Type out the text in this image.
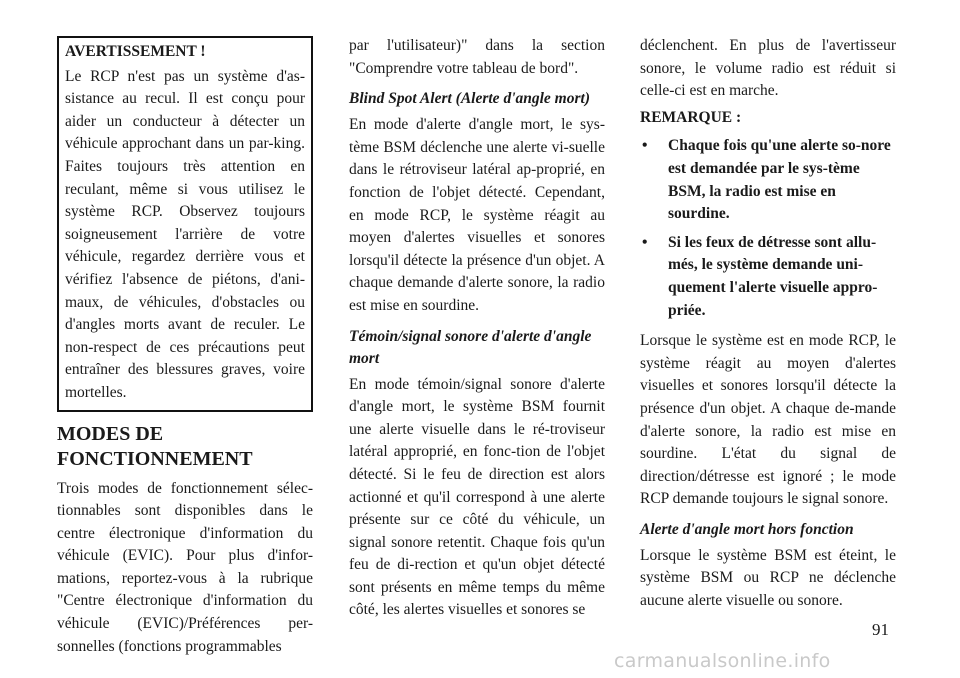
AVERTISSEMENT !

Le RCP n'est pas un système d'as-sistance au recul. Il est conçu pour aider un conducteur à détecter un véhicule approchant dans un par-king. Faites toujours très attention en reculant, même si vous utilisez le système RCP. Observez toujours soigneusement l'arrière de votre véhicule, regardez derrière vous et vérifiez l'absence de piétons, d'ani-maux, de véhicules, d'obstacles ou d'angles morts avant de reculer. Le non-respect de ces précautions peut entraîner des blessures graves, voire mortelles.

MODES DE
FONCTIONNEMENT

Trois modes de fonctionnement sélec-tionnables sont disponibles dans le centre électronique d'information du véhicule (EVIC). Pour plus d'infor-mations, reportez-vous à la rubrique "Centre électronique d'information du véhicule (EVIC)/Préférences per-sonnelles (fonctions programmables

par l'utilisateur)" dans la section "Comprendre votre tableau de bord".

Blind Spot Alert (Alerte d'angle mort)

En mode d'alerte d'angle mort, le sys-tème BSM déclenche une alerte vi-suelle dans le rétroviseur latéral ap-proprié, en fonction de l'objet détecté. Cependant, en mode RCP, le système réagit au moyen d'alertes visuelles et sonores lorsqu'il détecte la présence d'un objet. A chaque demande d'alerte sonore, la radio est mise en sourdine.

Témoin/signal sonore d'alerte d'angle mort

En mode témoin/signal sonore d'alerte d'angle mort, le système BSM fournit une alerte visuelle dans le ré-troviseur latéral approprié, en fonc-tion de l'objet détecté. Si le feu de direction est alors actionné et qu'il correspond à une alerte présente sur ce côté du véhicule, un signal sonore retentit. Chaque fois qu'un feu de di-rection et qu'un objet détecté sont présents en même temps du même côté, les alertes visuelles et sonores se

déclenchent. En plus de l'avertisseur sonore, le volume radio est réduit si celle-ci est en marche.

REMARQUE :

• Chaque fois qu'une alerte so-nore est demandée par le sys-tème BSM, la radio est mise en sourdine.
• Si les feux de détresse sont allu-més, le système demande uni-quement l'alerte visuelle appro-priée.

Lorsque le système est en mode RCP, le système réagit au moyen d'alertes visuelles et sonores lorsqu'il détecte la présence d'un objet. A chaque de-mande d'alerte sonore, la radio est mise en sourdine. L'état du signal de direction/détresse est ignoré ; le mode RCP demande toujours le signal sonore.

Alerte d'angle mort hors fonction

Lorsque le système BSM est éteint, le système BSM ou RCP ne déclenche aucune alerte visuelle ou sonore.

91
carmanualsonline.info
